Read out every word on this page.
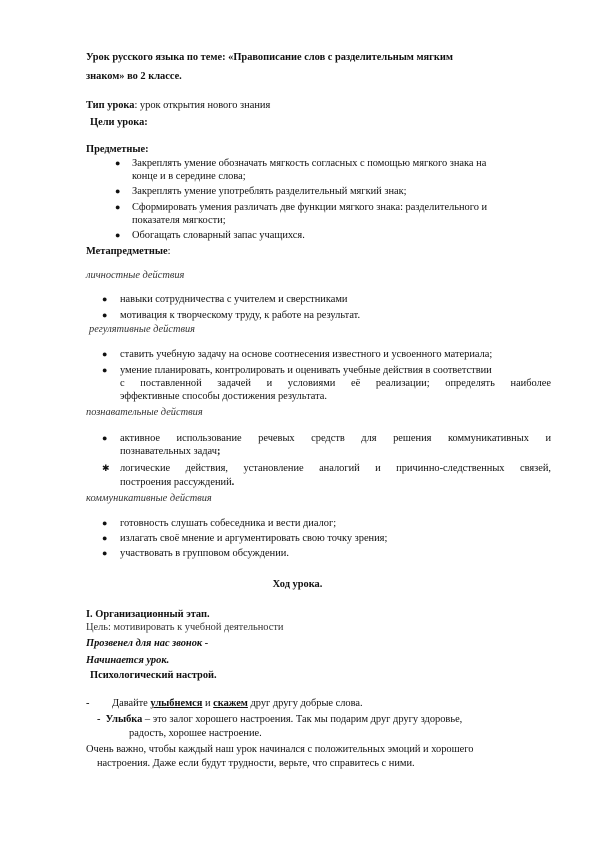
Урок русского языка по теме: «Правописание слов с разделительным мягким
знаком» во 2 классе.
Тип урока: урок открытия нового знания
Цели урока:
Предметные:
● Закреплять умение обозначать мягкость согласных с помощью мягкого знака на
конце и в середине слова;
● Закреплять умение употреблять разделительный мягкий знак;
● Сформировать умения различать две функции мягкого знака: разделительного и
показателя мягкости;
● Обогащать словарный запас учащихся.
Метапредметные:
личностные действия
● навыки сотрудничества с учителем и сверстниками
● мотивация к творческому труду, к работе на результат.
регулятивные действия
● ставить учебную задачу на основе соотнесения известного и усвоенного материала;
● умение планировать, контролировать и оценивать учебные действия в соответствии
с поставленной задачей и условиями её реализации; определять наиболее
эффективные способы достижения результата.
познавательные действия
● активное использование речевых средств для решения коммуникативных и
познавательных задач;
✱ логические действия, установление аналогий и причинно-следственных связей,
построения рассуждений.
коммуникативные действия
● готовность слушать собеседника и вести диалог;
● излагать своё мнение и аргументировать свою точку зрения;
● участвовать в групповом обсуждении.
Ход урока.
I. Организационный этап.
Цель: мотивировать к учебной деятельности
Прозвенел для нас звонок -
Начинается урок.
Психологический настрой.
- Давайте улыбнемся и скажем друг другу добрые слова.
- Улыбка – это залог хорошего настроения. Так мы подарим друг другу здоровье,
радость, хорошее настроение.
Очень важно, чтобы каждый наш урок начинался с положительных эмоций и хорошего
настроения. Даже если будут трудности, верьте, что справитесь с ними.
